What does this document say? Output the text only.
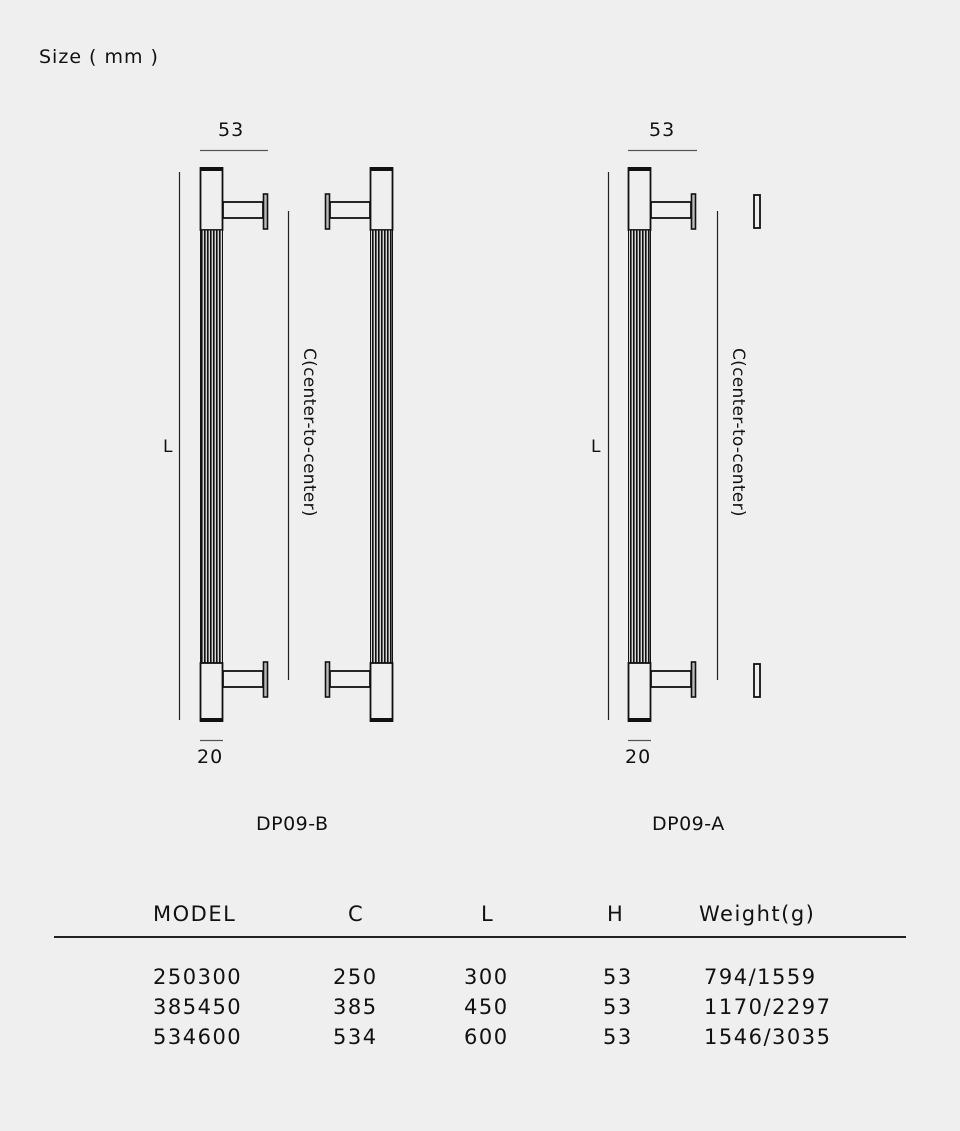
Size ( mm )
53
L	C(center-to-center)
20
DP09-B
53
L	C(center-to-center)
20
DP09-A
MODEL	C	L	H	Weight(g)
250300	250	300	53	794/1559
385450	385	450	53	1170/2297
534600	534	600	53	1546/3035
